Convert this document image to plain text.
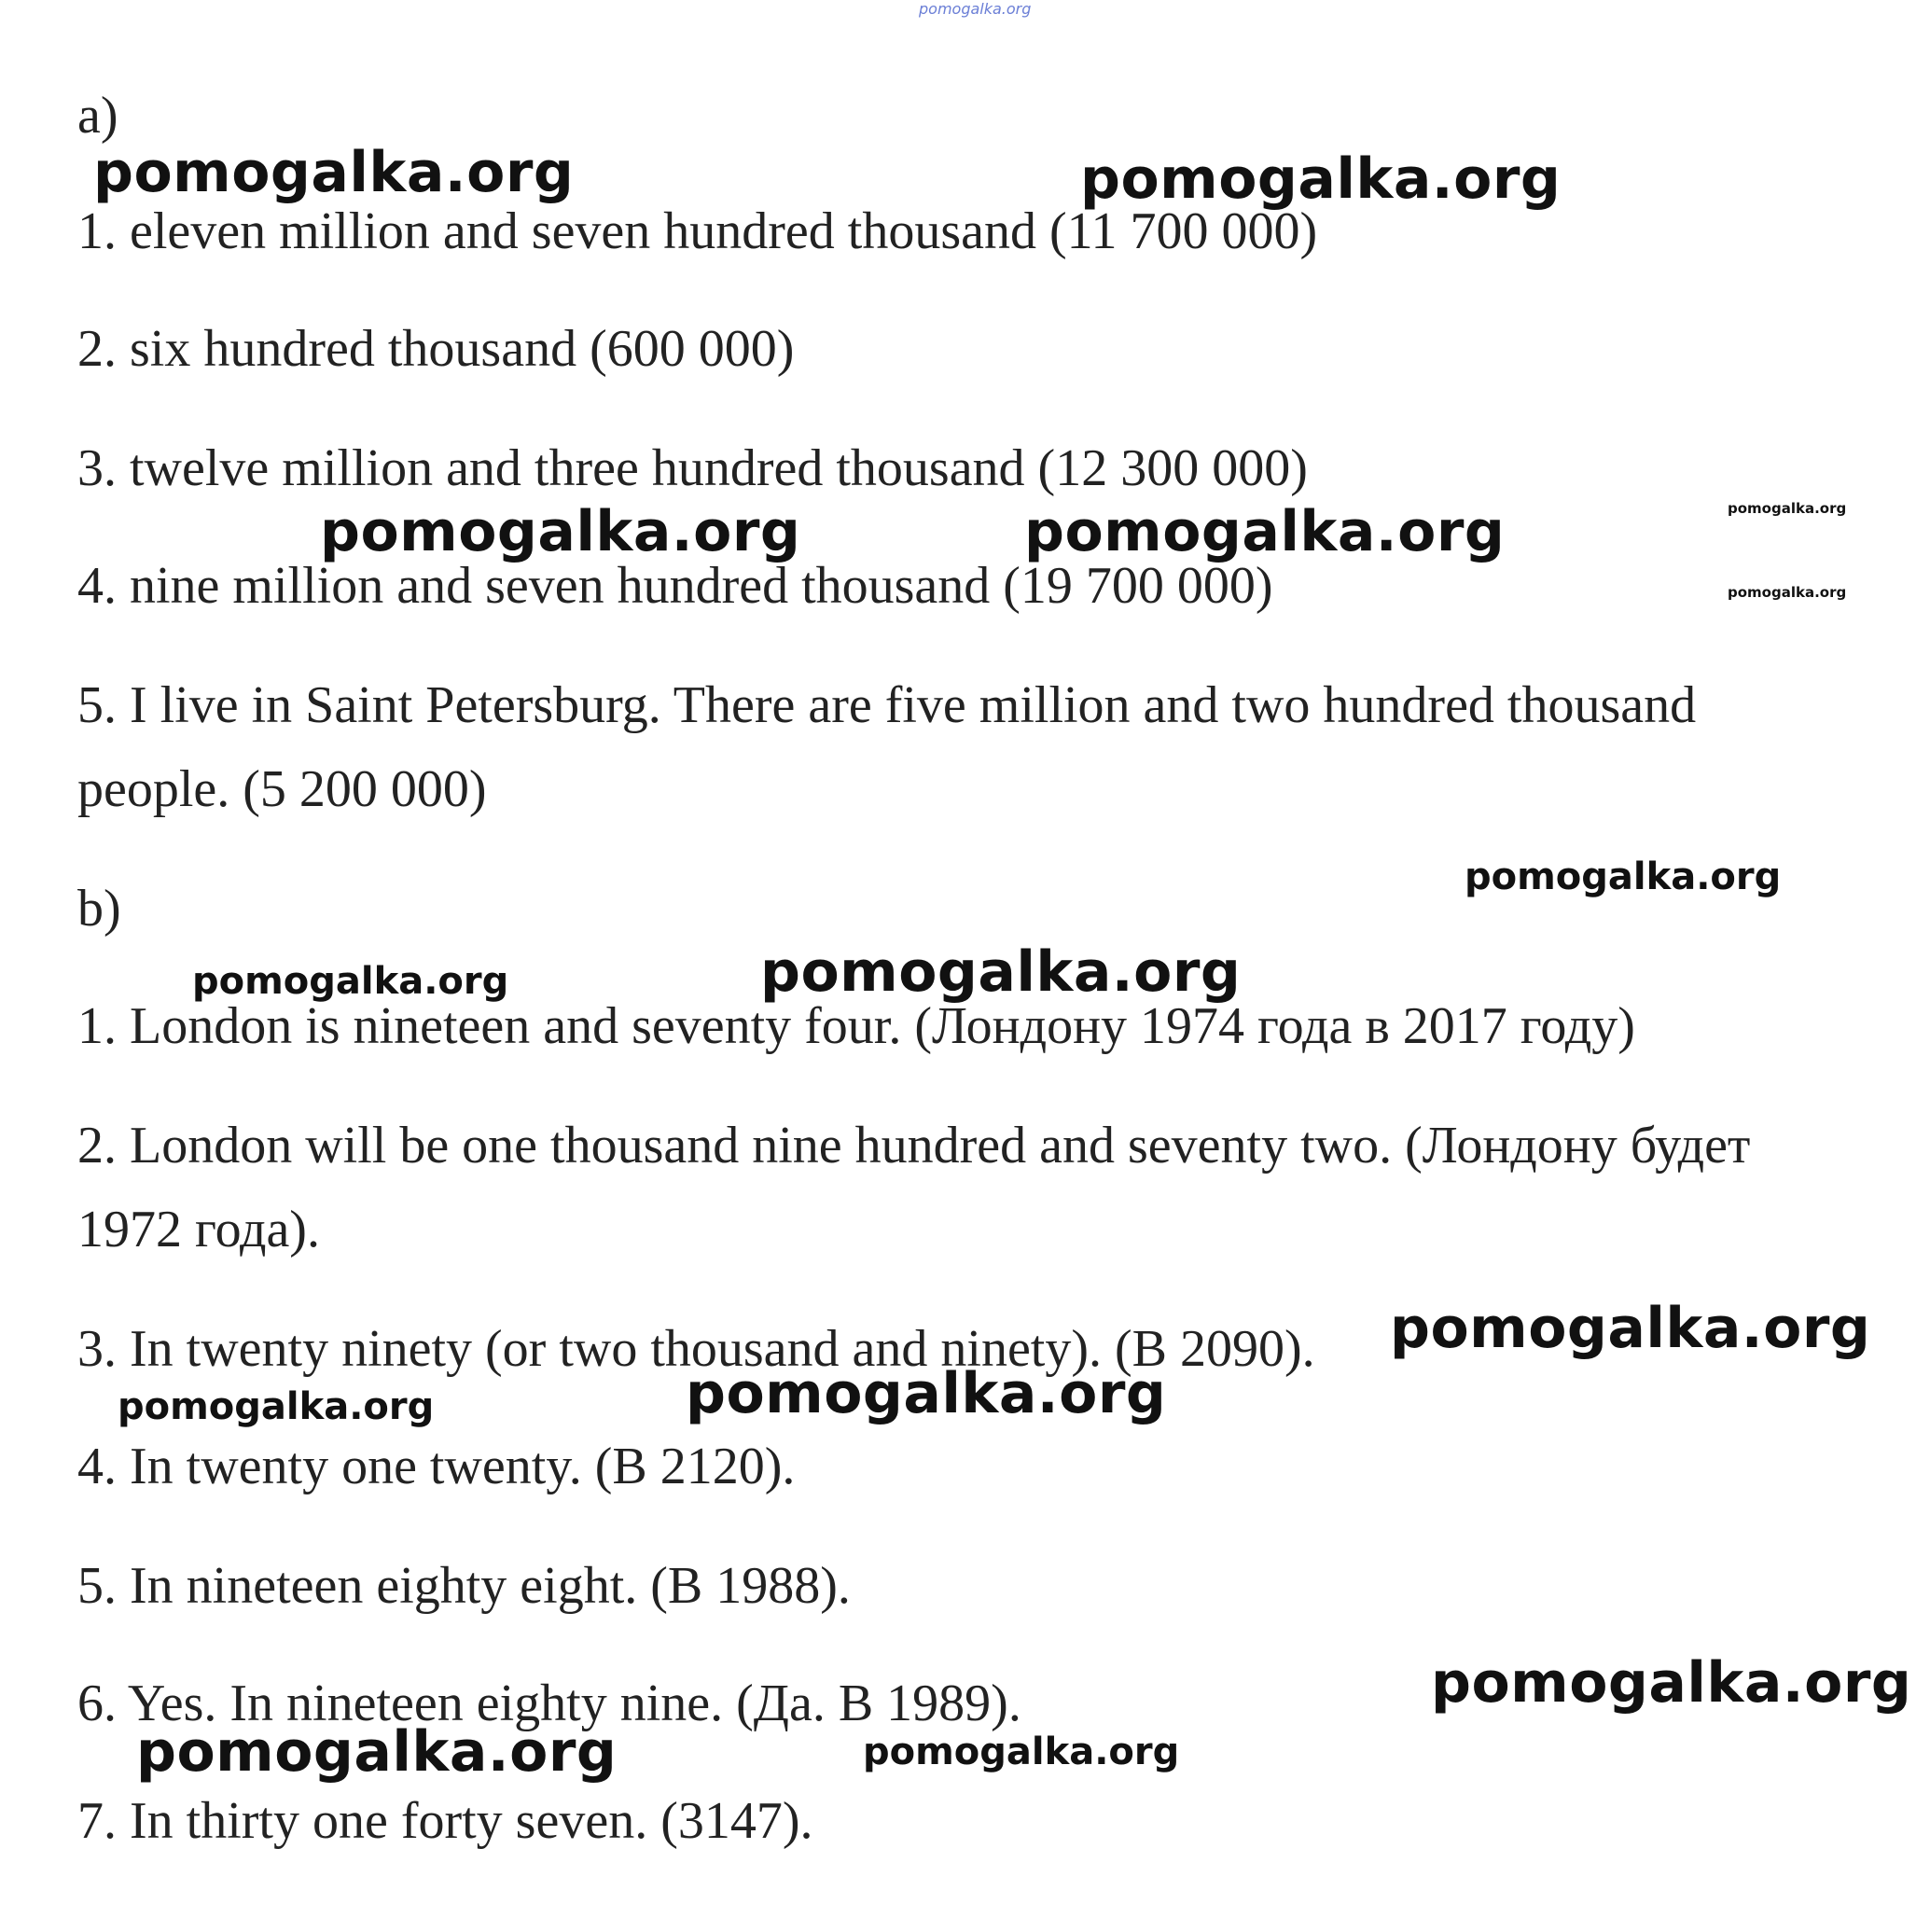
pomogalka.org

a)

1. eleven million and seven hundred thousand (11 700 000)

2. six hundred thousand (600 000)

3. twelve million and three hundred thousand (12 300 000)

4. nine million and seven hundred thousand (19 700 000)

5. I live in Saint Petersburg. There are five million and two hundred thousand

people. (5 200 000)

b)

1. London is nineteen and seventy four. (Лондону 1974 года в 2017 году)

2. London will be one thousand nine hundred and seventy two. (Лондону будет

1972 года).

3. In twenty ninety (or two thousand and ninety). (В 2090).

4. In twenty one twenty. (В 2120).

5. In nineteen eighty eight. (В 1988).

6. Yes. In nineteen eighty nine. (Да. В 1989).

7. In thirty one forty seven. (3147).

pomogalka.org	pomogalka.org
pomogalka.org	pomogalka.org	pomogalka.org
pomogalka.org
pomogalka.org
pomogalka.org	pomogalka.org
pomogalka.org
pomogalka.org
pomogalka.org
pomogalka.org
pomogalka.org	pomogalka.org
